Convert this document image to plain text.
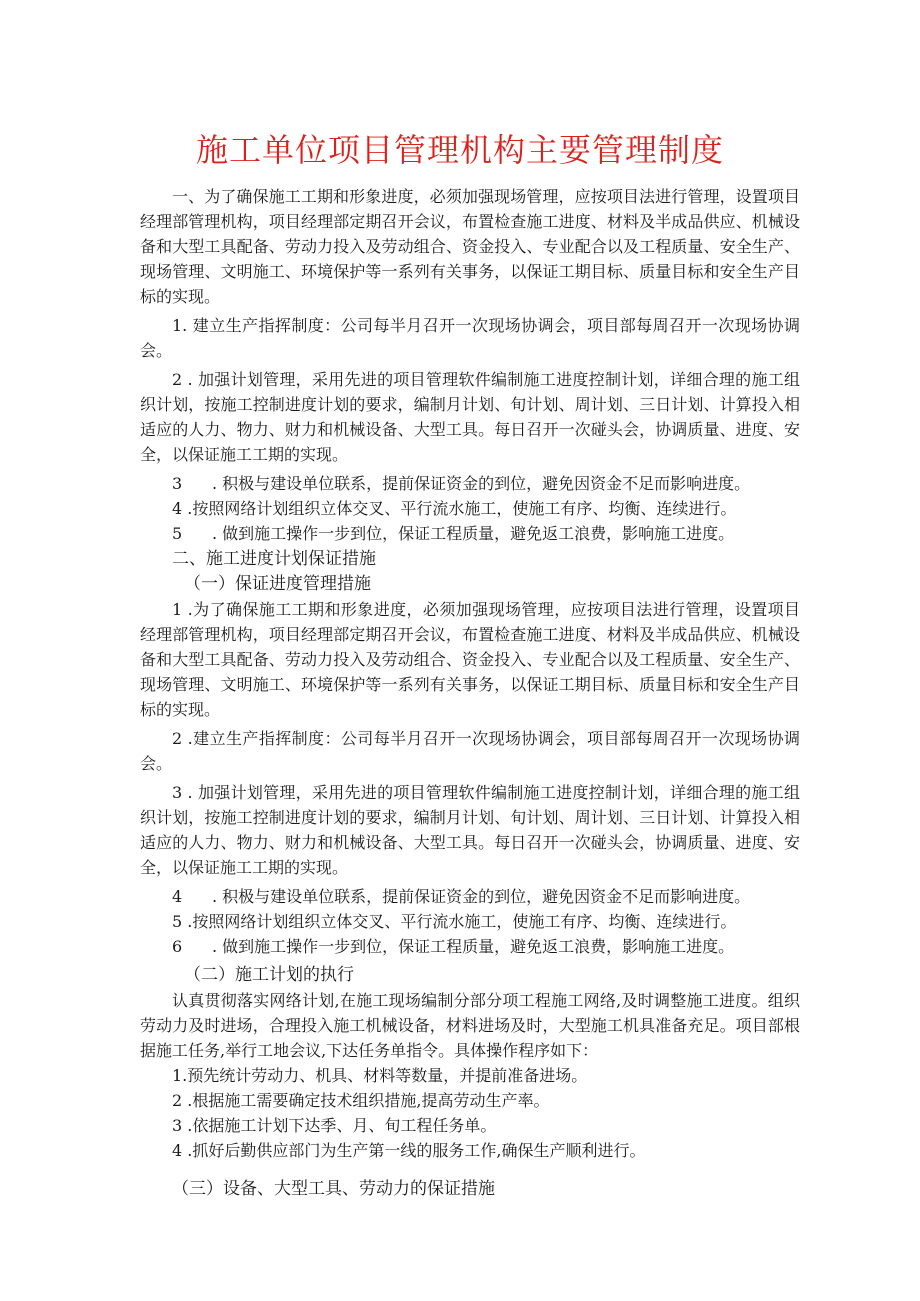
施工单位项目管理机构主要管理制度

一、为了确保施工工期和形象进度，必须加强现场管理，应按项目法进行管理，设置项目经理部管理机构，项目经理部定期召开会议，布置检查施工进度、材料及半成品供应、机械设备和大型工具配备、劳动力投入及劳动组合、资金投入、专业配合以及工程质量、安全生产、现场管理、文明施工、环境保护等一系列有关事务，以保证工期目标、质量目标和安全生产目标的实现。

1. 建立生产指挥制度：公司每半月召开一次现场协调会，项目部每周召开一次现场协调会。

2 . 加强计划管理，采用先进的项目管理软件编制施工进度控制计划，详细合理的施工组织计划，按施工控制进度计划的要求，编制月计划、旬计划、周计划、三日计划、计算投入相适应的人力、物力、财力和机械设备、大型工具。每日召开一次碰头会，协调质量、进度、安全，以保证施工工期的实现。

3 . 积极与建设单位联系，提前保证资金的到位，避免因资金不足而影响进度。

4 .按照网络计划组织立体交叉、平行流水施工，使施工有序、均衡、连续进行。

5 . 做到施工操作一步到位，保证工程质量，避免返工浪费，影响施工进度。

二、施工进度计划保证措施

（一）保证进度管理措施

1 .为了确保施工工期和形象进度，必须加强现场管理，应按项目法进行管理，设置项目经理部管理机构，项目经理部定期召开会议，布置检查施工进度、材料及半成品供应、机械设备和大型工具配备、劳动力投入及劳动组合、资金投入、专业配合以及工程质量、安全生产、现场管理、文明施工、环境保护等一系列有关事务，以保证工期目标、质量目标和安全生产目标的实现。

2 .建立生产指挥制度：公司每半月召开一次现场协调会，项目部每周召开一次现场协调会。

3 . 加强计划管理，采用先进的项目管理软件编制施工进度控制计划，详细合理的施工组织计划，按施工控制进度计划的要求，编制月计划、旬计划、周计划、三日计划、计算投入相适应的人力、物力、财力和机械设备、大型工具。每日召开一次碰头会，协调质量、进度、安全，以保证施工工期的实现。

4 . 积极与建设单位联系，提前保证资金的到位，避免因资金不足而影响进度。

5 .按照网络计划组织立体交叉、平行流水施工，使施工有序、均衡、连续进行。

6 . 做到施工操作一步到位，保证工程质量，避免返工浪费，影响施工进度。

（二）施工计划的执行

认真贯彻落实网络计划,在施工现场编制分部分项工程施工网络,及时调整施工进度。组织劳动力及时进场，合理投入施工机械设备，材料进场及时，大型施工机具准备充足。项目部根据施工任务,举行工地会议,下达任务单指令。具体操作程序如下：

1.预先统计劳动力、机具、材料等数量，并提前准备进场。

2 .根据施工需要确定技术组织措施,提高劳动生产率。

3 .依据施工计划下达季、月、旬工程任务单。

4 .抓好后勤供应部门为生产第一线的服务工作,确保生产顺利进行。

（三）设备、大型工具、劳动力的保证措施
